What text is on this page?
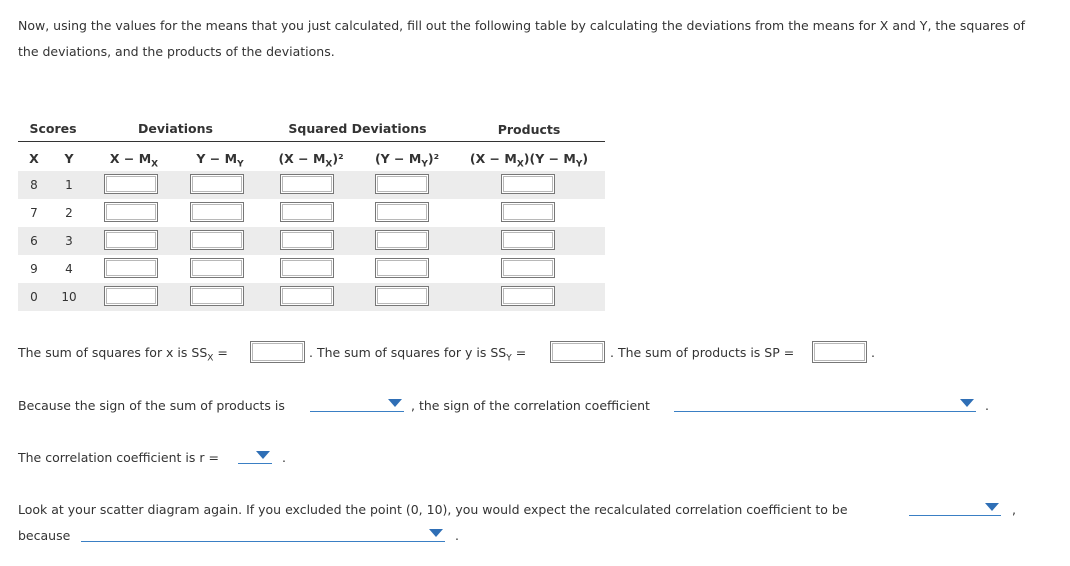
Now, using the values for the means that you just calculated, fill out the following table by calculating the deviations from the means for X and Y, the squares of the deviations, and the products of the deviations.
Scores	Deviations	Squared Deviations	Products
X Y	$X - M_X$	$Y - M_Y$	$(X - M_X)^2$	$(Y - M_Y)^2$	$(X - M_X)(Y - M_Y)$
8	1
7	2
6	3
9	4
0	10
The sum of squares for x is $SS_X$ =	. The sum of squares for y is $SS_Y$ =	. The sum of products is SP =	.
Because the sign of the sum of products is	, the sign of the correlation coefficient	.
The correlation coefficient is r =	.
Look at your scatter diagram again. If you excluded the point (0, 10), you would expect the recalculated correlation coefficient to be	,
because	.
